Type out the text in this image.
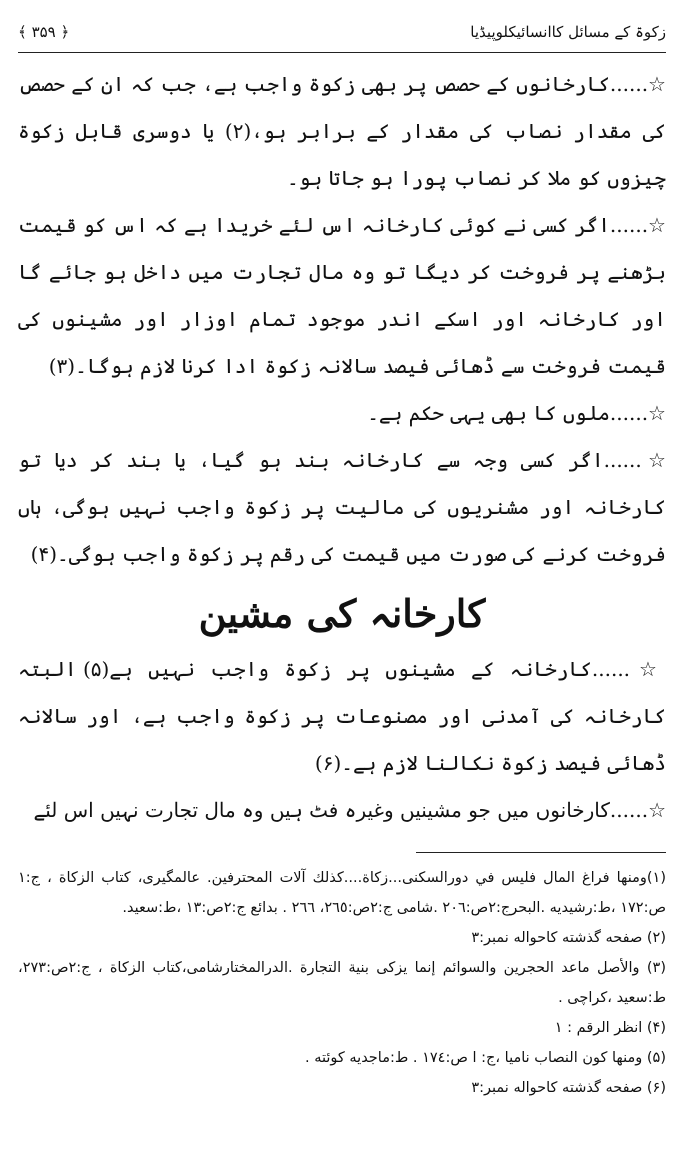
زکوۃ کے مسائل کاانسائیکلوپیڈیا
﴿ ۳۵۹ ﴾

☆......کارخانوں کے حصص پر بھی زکوۃ واجب ہے، جب کہ ان کے حصص کی مقدار نصاب کی مقدار کے برابر ہو،(۲) یا دوسری قابل زکوۃ چیزوں کو ملا کر نصاب پورا ہو جاتا ہو۔

☆......اگر کسی نے کوئی کارخانہ اس لئے خریدا ہے کہ اس کو قیمت بڑھنے پر فروخت کر دیگا تو وہ مال تجارت میں داخل ہو جائے گا اور کارخانہ اور اسکے اندر موجود تمام اوزار اور مشینوں کی قیمت فروخت سے ڈھائی فیصد سالانہ زکوۃ ادا کرنا لازم ہوگا۔(۳)

☆......ملوں کا بھی یہی حکم ہے۔

☆......اگر کسی وجہ سے کارخانہ بند ہو گیا، یا بند کر دیا تو کارخانہ اور مشنریوں کی مالیت پر زکوۃ واجب نہیں ہوگی، ہاں فروخت کرنے کی صورت میں قیمت کی رقم پر زکوۃ واجب ہوگی۔(۴)

کارخانہ کی مشین

☆......کارخانہ کے مشینوں پر زکوۃ واجب نہیں ہے(۵) البتہ کارخانہ کی آمدنی اور مصنوعات پر زکوۃ واجب ہے، اور سالانہ ڈھائی فیصد زکوۃ نکالنا لازم ہے۔(۶)

☆......کارخانوں میں جو مشینیں وغیرہ فٹ ہیں وہ مال تجارت نہیں اس لئے

(۱)ومنها فراغ المال فليس في دورالسكنى...زكاة....كذلك آلات المحترفين. عالمگيرى، كتاب الزكاة ، ج:١ ص:١٧٢ ،ط:رشيديه .البحرج:٢ص:٢٠٦ .شامى ج:٢ص:٢٦٥، ٢٦٦ . بدائع ج:٢ص:١٣ ،ط:سعيد.

(۲) صفحه گذشته كاحواله نمبر:٣

(۳) والأصل ماعد الحجرين والسوائم إنما يزكى بنية التجارة .الدرالمختارشامى،كتاب الزكاة ، ج:٢ص:٢٧٣، ط:سعيد ،كراچى .

(۴) انظر الرقم : ١

(۵) ومنها كون النصاب ناميا ،ج: ا ص:١٧٤ . ط:ماجديه كوئته .

(۶) صفحه گذشته كاحواله نمبر:٣
